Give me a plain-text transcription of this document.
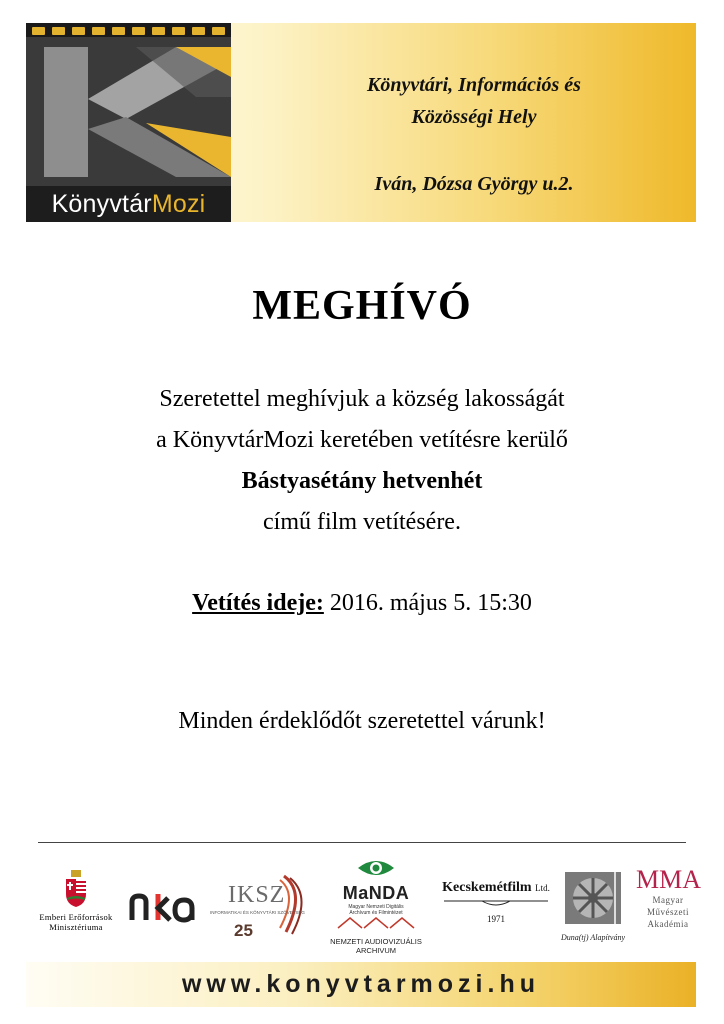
KönyvtárMozi
Könyvtári, Információs és
Közösségi Hely
Iván, Dózsa György u.2.
MEGHÍVÓ
Szeretettel meghívjuk a község lakosságát
a KönyvtárMozi keretében vetítésre kerülő
Bástyasétány hetvenhét
című film vetítésére.
Vetítés ideje: 2016. május 5. 15:30
Minden érdeklődőt szeretettel várunk!
Emberi Erőforrások
Minisztériuma
IKSZ
INFORMATIKAI ÉS KÖNYVTÁRI SZÖVETSÉG
25
MaNDA
Magyar Nemzeti Digitális
Archívum és Filmintézet
NEMZETI AUDIOVIZUÁLIS ARCHIVUM
Kecskemétfilm Ltd.
1971
Duna(tj) Alapítvány
MMA
Magyar
Művészeti
Akadémia
www.konyvtarmozi.hu
